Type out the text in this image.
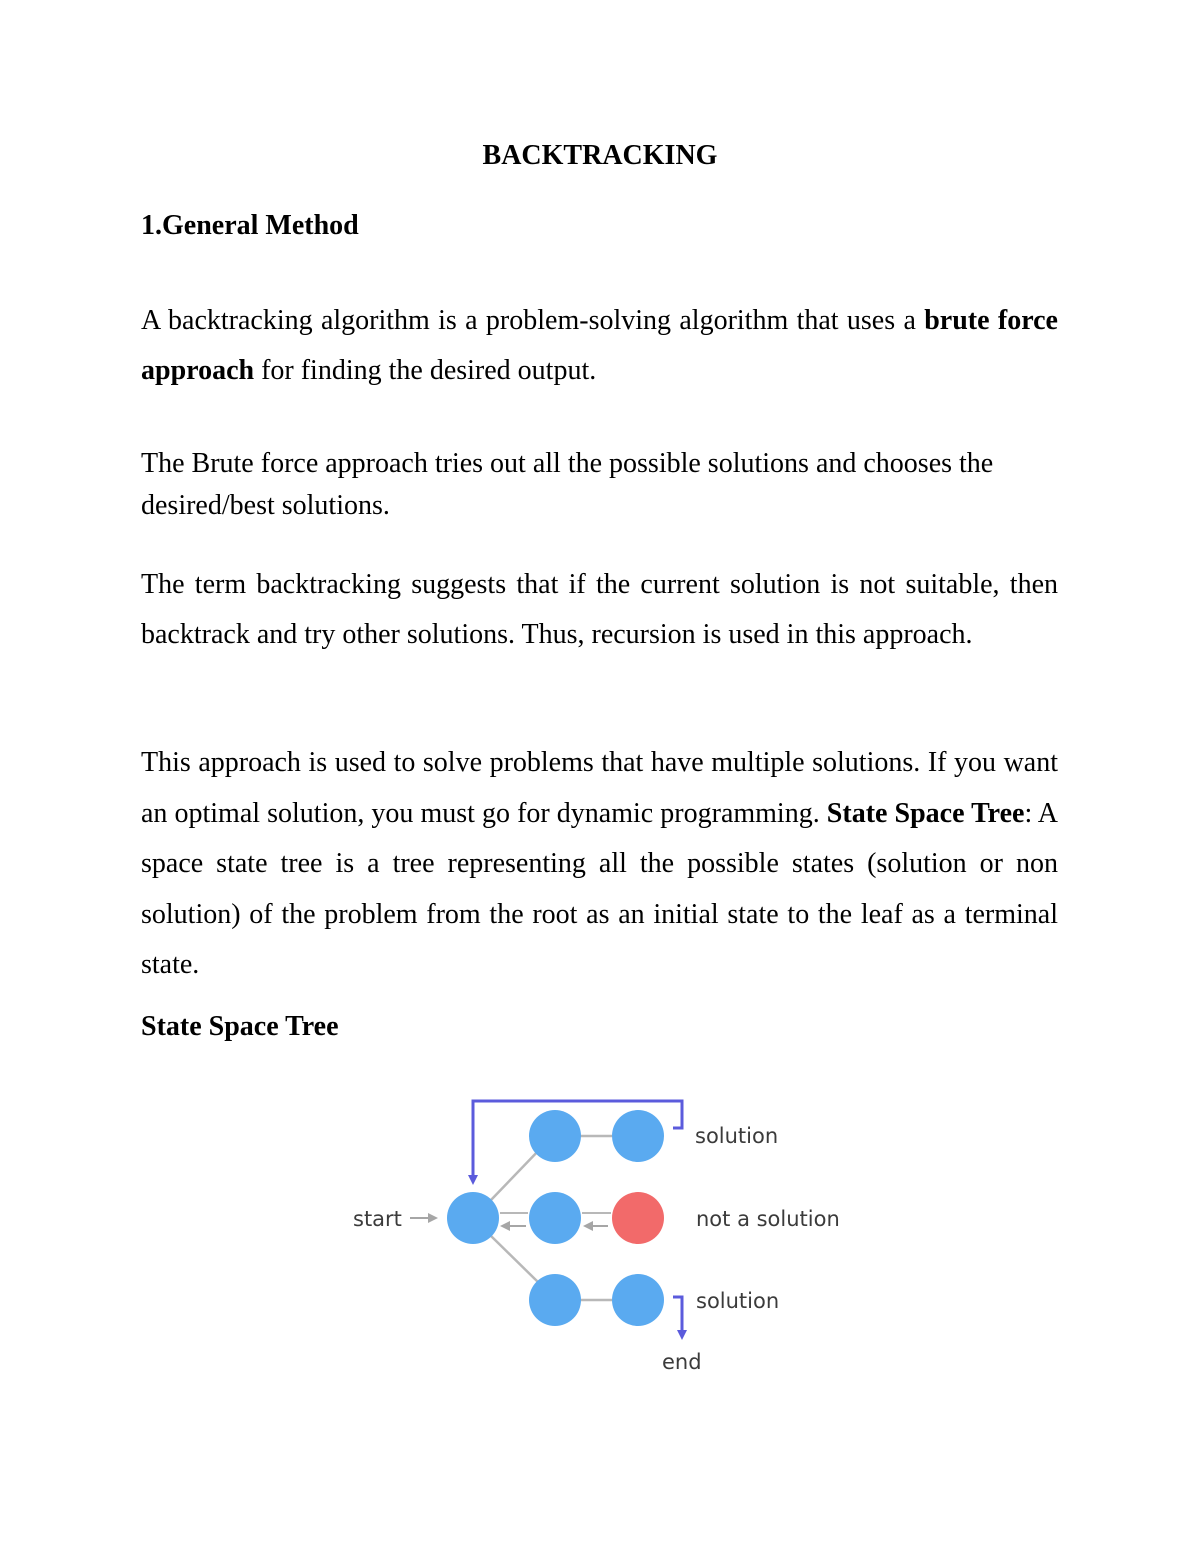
BACKTRACKING
1.General Method

A backtracking algorithm is a problem-solving algorithm that uses a brute force approach for finding the desired output.

The Brute force approach tries out all the possible solutions and chooses the desired/best solutions.

The term backtracking suggests that if the current solution is not suitable, then backtrack and try other solutions. Thus, recursion is used in this approach.

This approach is used to solve problems that have multiple solutions. If you want an optimal solution, you must go for dynamic programming. State Space Tree: A space state tree is a tree representing all the possible states (solution or non solution) of the problem from the root as an initial state to the leaf as a terminal state.

State Space Tree
start
solution
not a solution
solution
end
